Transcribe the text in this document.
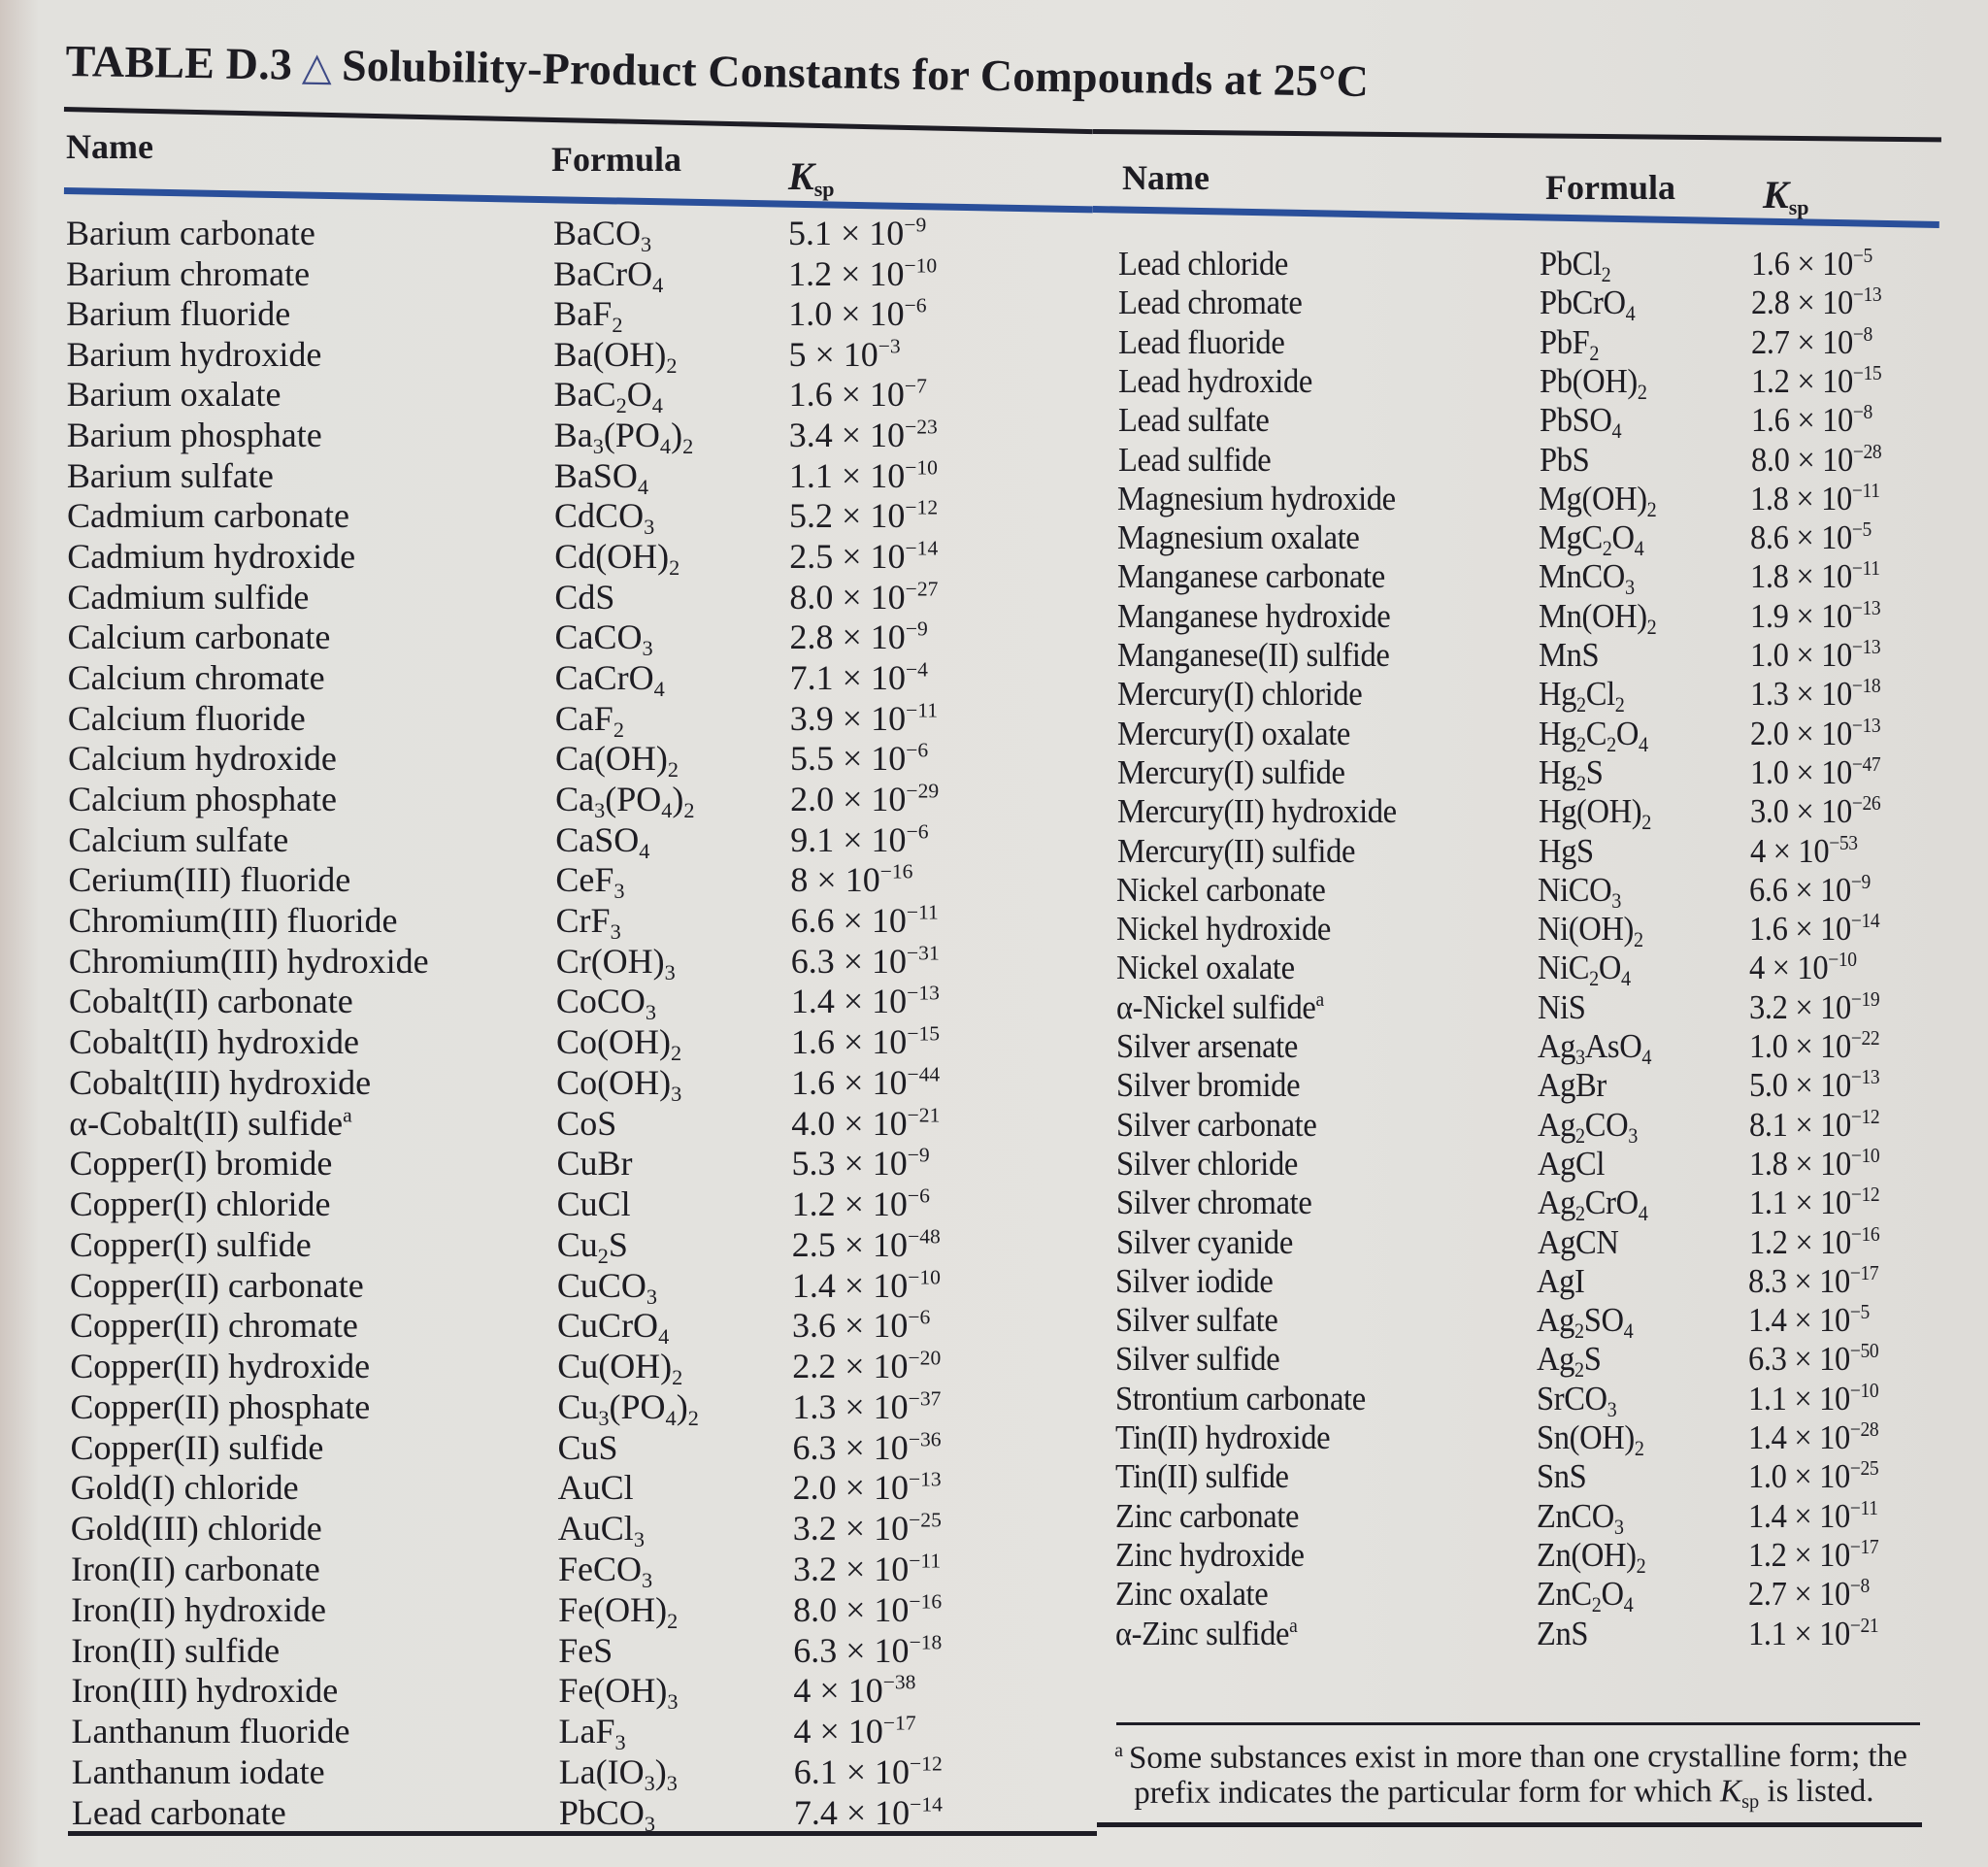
TABLE D.3 △ Solubility-Product Constants for Compounds at 25°C
Name	Formula	$K_{sp}$
Barium carbonate	BaCO$_3$	$5.1 \times 10^{-9}$
Barium chromate	BaCrO$_4$	$1.2 \times 10^{-10}$
Barium fluoride	BaF$_2$	$1.0 \times 10^{-6}$
Barium hydroxide	$Ba(OH)_2$	$5 \times 10^{-3}$
Barium oxalate	$BaC_2O_4$	$1.6 \times 10^{-7}$
Barium phosphate	$Ba_3(PO_4)_2$	$3.4 \times 10^{-23}$
Barium sulfate	BaSO$_4$	$1.1 \times 10^{-10}$
Cadmium carbonate	CdCO$_3$	$5.2 \times 10^{-12}$
Cadmium hydroxide	$Cd(OH)_2$	$2.5 \times 10^{-14}$
Cadmium sulfide	CdS	$8.0 \times 10^{-27}$
Calcium carbonate	CaCO$_3$	$2.8 \times 10^{-9}$
Calcium chromate	CaCrO$_4$	$7.1 \times 10^{-4}$
Calcium fluoride	CaF$_2$	$3.9 \times 10^{-11}$
Calcium hydroxide	$Ca(OH)_2$	$5.5 \times 10^{-6}$
Calcium phosphate	$Ca_3(PO_4)_2$	$2.0 \times 10^{-29}$
Calcium sulfate	CaSO$_4$	$9.1 \times 10^{-6}$
Cerium(III) fluoride	CeF$_3$	$8 \times 10^{-16}$
Chromium(III) fluoride	CrF$_3$	$6.6 \times 10^{-11}$
Chromium(III) hydroxide	$Cr(OH)_3$	$6.3 \times 10^{-31}$
Cobalt(II) carbonate	CoCO$_3$	$1.4 \times 10^{-13}$
Cobalt(II) hydroxide	$Co(OH)_2$	$1.6 \times 10^{-15}$
Cobalt(III) hydroxide	$Co(OH)_3$	$1.6 \times 10^{-44}$
α-Cobalt(II) sulfide$^a$	CoS	$4.0 \times 10^{-21}$
Copper(I) bromide	CuBr	$5.3 \times 10^{-9}$
Copper(I) chloride	CuCl	$1.2 \times 10^{-6}$
Copper(I) sulfide	$Cu_2S$	$2.5 \times 10^{-48}$
Copper(II) carbonate	CuCO$_3$	$1.4 \times 10^{-10}$
Copper(II) chromate	CuCrO$_4$	$3.6 \times 10^{-6}$
Copper(II) hydroxide	$Cu(OH)_2$	$2.2 \times 10^{-20}$
Copper(II) phosphate	$Cu_3(PO_4)_2$	$1.3 \times 10^{-37}$
Copper(II) sulfide	CuS	$6.3 \times 10^{-36}$
Gold(I) chloride	AuCl	$2.0 \times 10^{-13}$
Gold(III) chloride	AuCl$_3$	$3.2 \times 10^{-25}$
Iron(II) carbonate	FeCO$_3$	$3.2 \times 10^{-11}$
Iron(II) hydroxide	$Fe(OH)_2$	$8.0 \times 10^{-16}$
Iron(II) sulfide	FeS	$6.3 \times 10^{-18}$
Iron(III) hydroxide	$Fe(OH)_3$	$4 \times 10^{-38}$
Lanthanum fluoride	LaF$_3$	$4 \times 10^{-17}$
Lanthanum iodate	$La(IO_3)_3$	$6.1 \times 10^{-12}$
Lead carbonate	PbCO$_3$	$7.4 \times 10^{-14}$
Name	Formula $K_{sp}$
Lead chloride	PbCl$_2$	$1.6 \times 10^{-5}$
Lead chromate	PbCrO$_4$	$2.8 \times 10^{-13}$
Lead fluoride	PbF$_2$	$2.7 \times 10^{-8}$
Lead hydroxide	$Pb(OH)_2$	$1.2 \times 10^{-15}$
Lead sulfate	PbSO$_4$	$1.6 \times 10^{-8}$
Lead sulfide	PbS	$8.0 \times 10^{-28}$
Magnesium hydroxide	$Mg(OH)_2$	$1.8 \times 10^{-11}$
Magnesium oxalate	$MgC_2O_4$	$8.6 \times 10^{-5}$
Manganese carbonate	MnCO$_3$	$1.8 \times 10^{-11}$
Manganese hydroxide	$Mn(OH)_2$	$1.9 \times 10^{-13}$
Manganese(II) sulfide	MnS	$1.0 \times 10^{-13}$
Mercury(I) chloride	$Hg_2Cl_2$	$1.3 \times 10^{-18}$
Mercury(I) oxalate	$Hg_2C_2O_4$	$2.0 \times 10^{-13}$
Mercury(I) sulfide	$Hg_2S$	$1.0 \times 10^{-47}$
Mercury(II) hydroxide	$Hg(OH)_2$	$3.0 \times 10^{-26}$
Mercury(II) sulfide	HgS	$4 \times 10^{-53}$
Nickel carbonate	NiCO$_3$	$6.6 \times 10^{-9}$
Nickel hydroxide	$Ni(OH)_2$	$1.6 \times 10^{-14}$
Nickel oxalate	$NiC_2O_4$	$4 \times 10^{-10}$
α-Nickel sulfide$^a$	NiS	$3.2 \times 10^{-19}$
Silver arsenate	$Ag_3AsO_4$	$1.0 \times 10^{-22}$
Silver bromide	AgBr	$5.0 \times 10^{-13}$
Silver carbonate	$Ag_2CO_3$	$8.1 \times 10^{-12}$
Silver chloride	AgCl	$1.8 \times 10^{-10}$
Silver chromate	$Ag_2CrO_4$	$1.1 \times 10^{-12}$
Silver cyanide	AgCN	$1.2 \times 10^{-16}$
Silver iodide	AgI	$8.3 \times 10^{-17}$
Silver sulfate	$Ag_2SO_4$	$1.4 \times 10^{-5}$
Silver sulfide	$Ag_2S$	$6.3 \times 10^{-50}$
Strontium carbonate	SrCO$_3$	$1.1 \times 10^{-10}$
Tin(II) hydroxide	$Sn(OH)_2$	$1.4 \times 10^{-28}$
Tin(II) sulfide	SnS	$1.0 \times 10^{-25}$
Zinc carbonate	ZnCO$_3$	$1.4 \times 10^{-11}$
Zinc hydroxide	$Zn(OH)_2$	$1.2 \times 10^{-17}$
Zinc oxalate	$ZnC_2O_4$	$2.7 \times 10^{-8}$
α-Zinc sulfide$^a$	ZnS	$1.1 \times 10^{-21}$
$^a$ Some substances exist in more than one crystalline form; the
prefix indicates the particular form for which $K_{sp}$ is listed.
